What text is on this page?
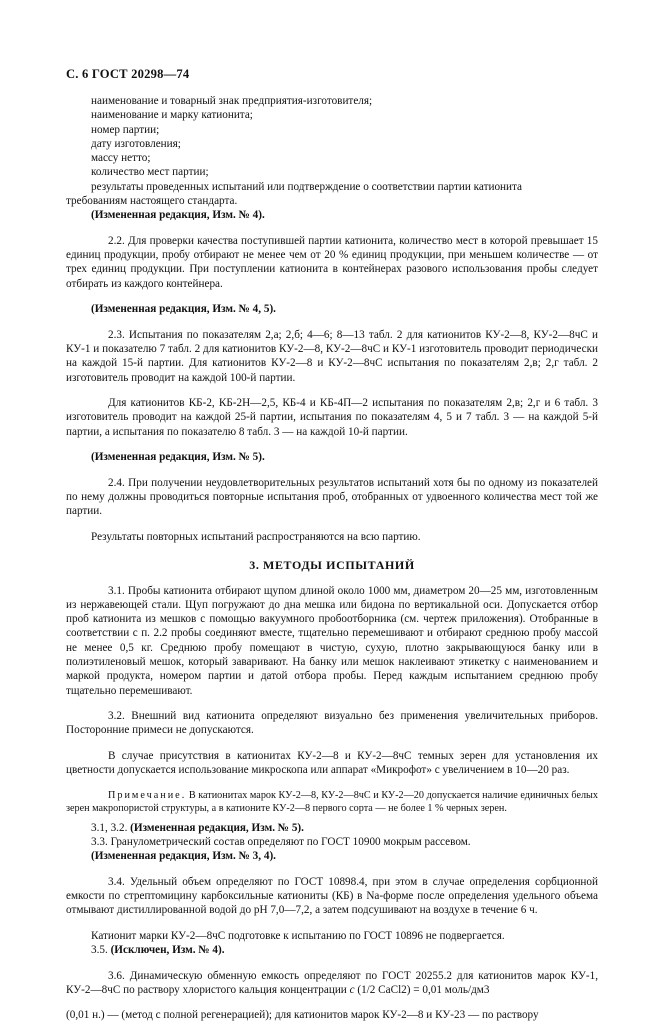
С. 6 ГОСТ 20298—74

наименование и товарный знак предприятия-изготовителя;

наименование и марку катионита;

номер партии;

дату изготовления;

массу нетто;

количество мест партии;

результаты проведенных испытаний или подтверждение о соответствии партии катионита

требованиям настоящего стандарта.

(Измененная редакция, Изм. № 4).

2.2. Для проверки качества поступившей партии катионита, количество мест в которой превышает 15 единиц продукции, пробу отбирают не менее чем от 20 % единиц продукции, при меньшем количестве — от трех единиц продукции. При поступлении катионита в контейнерах разового использования пробы следует отбирать из каждого контейнера.

(Измененная редакция, Изм. № 4, 5).

2.3. Испытания по показателям 2,а; 2,б; 4—6; 8—13 табл. 2 для катионитов КУ-2—8, КУ-2—8чС и КУ-1 и показателю 7 табл. 2 для катионитов КУ-2—8, КУ-2—8чС и КУ-1 изготовитель проводит периодически на каждой 15-й партии. Для катионитов КУ-2—8 и КУ-2—8чС испытания по показателям 2,в; 2,г табл. 2 изготовитель проводит на каждой 100-й партии.

Для катионитов КБ-2, КБ-2Н—2,5, КБ-4 и КБ-4П—2 испытания по показателям 2,в; 2,г и 6 табл. 3 изготовитель проводит на каждой 25-й партии, испытания по показателям 4, 5 и 7 табл. 3 — на каждой 5-й партии, а испытания по показателю 8 табл. 3 — на каждой 10-й партии.

(Измененная редакция, Изм. № 5).

2.4. При получении неудовлетворительных результатов испытаний хотя бы по одному из показателей по нему должны проводиться повторные испытания проб, отобранных от удвоенного количества мест той же партии.

Результаты повторных испытаний распространяются на всю партию.

3. МЕТОДЫ ИСПЫТАНИЙ

3.1. Пробы катионита отбирают щупом длиной около 1000 мм, диаметром 20—25 мм, изготовленным из нержавеющей стали. Щуп погружают до дна мешка или бидона по вертикальной оси. Допускается отбор проб катионита из мешков с помощью вакуумного пробоотборника (см. чертеж приложения). Отобранные в соответствии с п. 2.2 пробы соединяют вместе, тщательно перемешивают и отбирают среднюю пробу массой не менее 0,5 кг. Среднюю пробу помещают в чистую, сухую, плотно закрывающуюся банку или в полиэтиленовый мешок, который заваривают. На банку или мешок наклеивают этикетку с наименованием и маркой продукта, номером партии и датой отбора пробы. Перед каждым испытанием среднюю пробу тщательно перемешивают.

3.2. Внешний вид катионита определяют визуально без применения увеличительных приборов. Посторонние примеси не допускаются.

В случае присутствия в катионитах КУ-2—8 и КУ-2—8чС темных зерен для установления их цветности допускается использование микроскопа или аппарат «Микрофот» с увеличением в 10—20 раз.

Примечание. В катионитах марок КУ-2—8, КУ-2—8чС и КУ-2—20 допускается наличие единичных белых зерен макропористой структуры, а в катионите КУ-2—8 первого сорта — не более 1 % черных зерен.

3.1, 3.2. (Измененная редакция, Изм. № 5).

3.3. Гранулометрический состав определяют по ГОСТ 10900 мокрым рассевом.

(Измененная редакция, Изм. № 3, 4).

3.4. Удельный объем определяют по ГОСТ 10898.4, при этом в случае определения сорбционной емкости по стрептомицину карбоксильные катиониты (КБ) в Na-форме после определения удельного объема отмывают дистиллированной водой до рН 7,0—7,2, а затем подсушивают на воздухе в течение 6 ч.

Катионит марки КУ-2—8чС подготовке к испытанию по ГОСТ 10896 не подвергается.

3.5. (Исключен, Изм. № 4).

3.6. Динамическую обменную емкость определяют по ГОСТ 20255.2 для катионитов марок КУ-1, КУ-2—8чС по раствору хлористого кальция концентрации c (1/2 CaCl2) = 0,01 моль/дм3

(0,01 н.) — (метод с полной регенерацией); для катионитов марок КУ-2—8 и КУ-23 — по раствору
